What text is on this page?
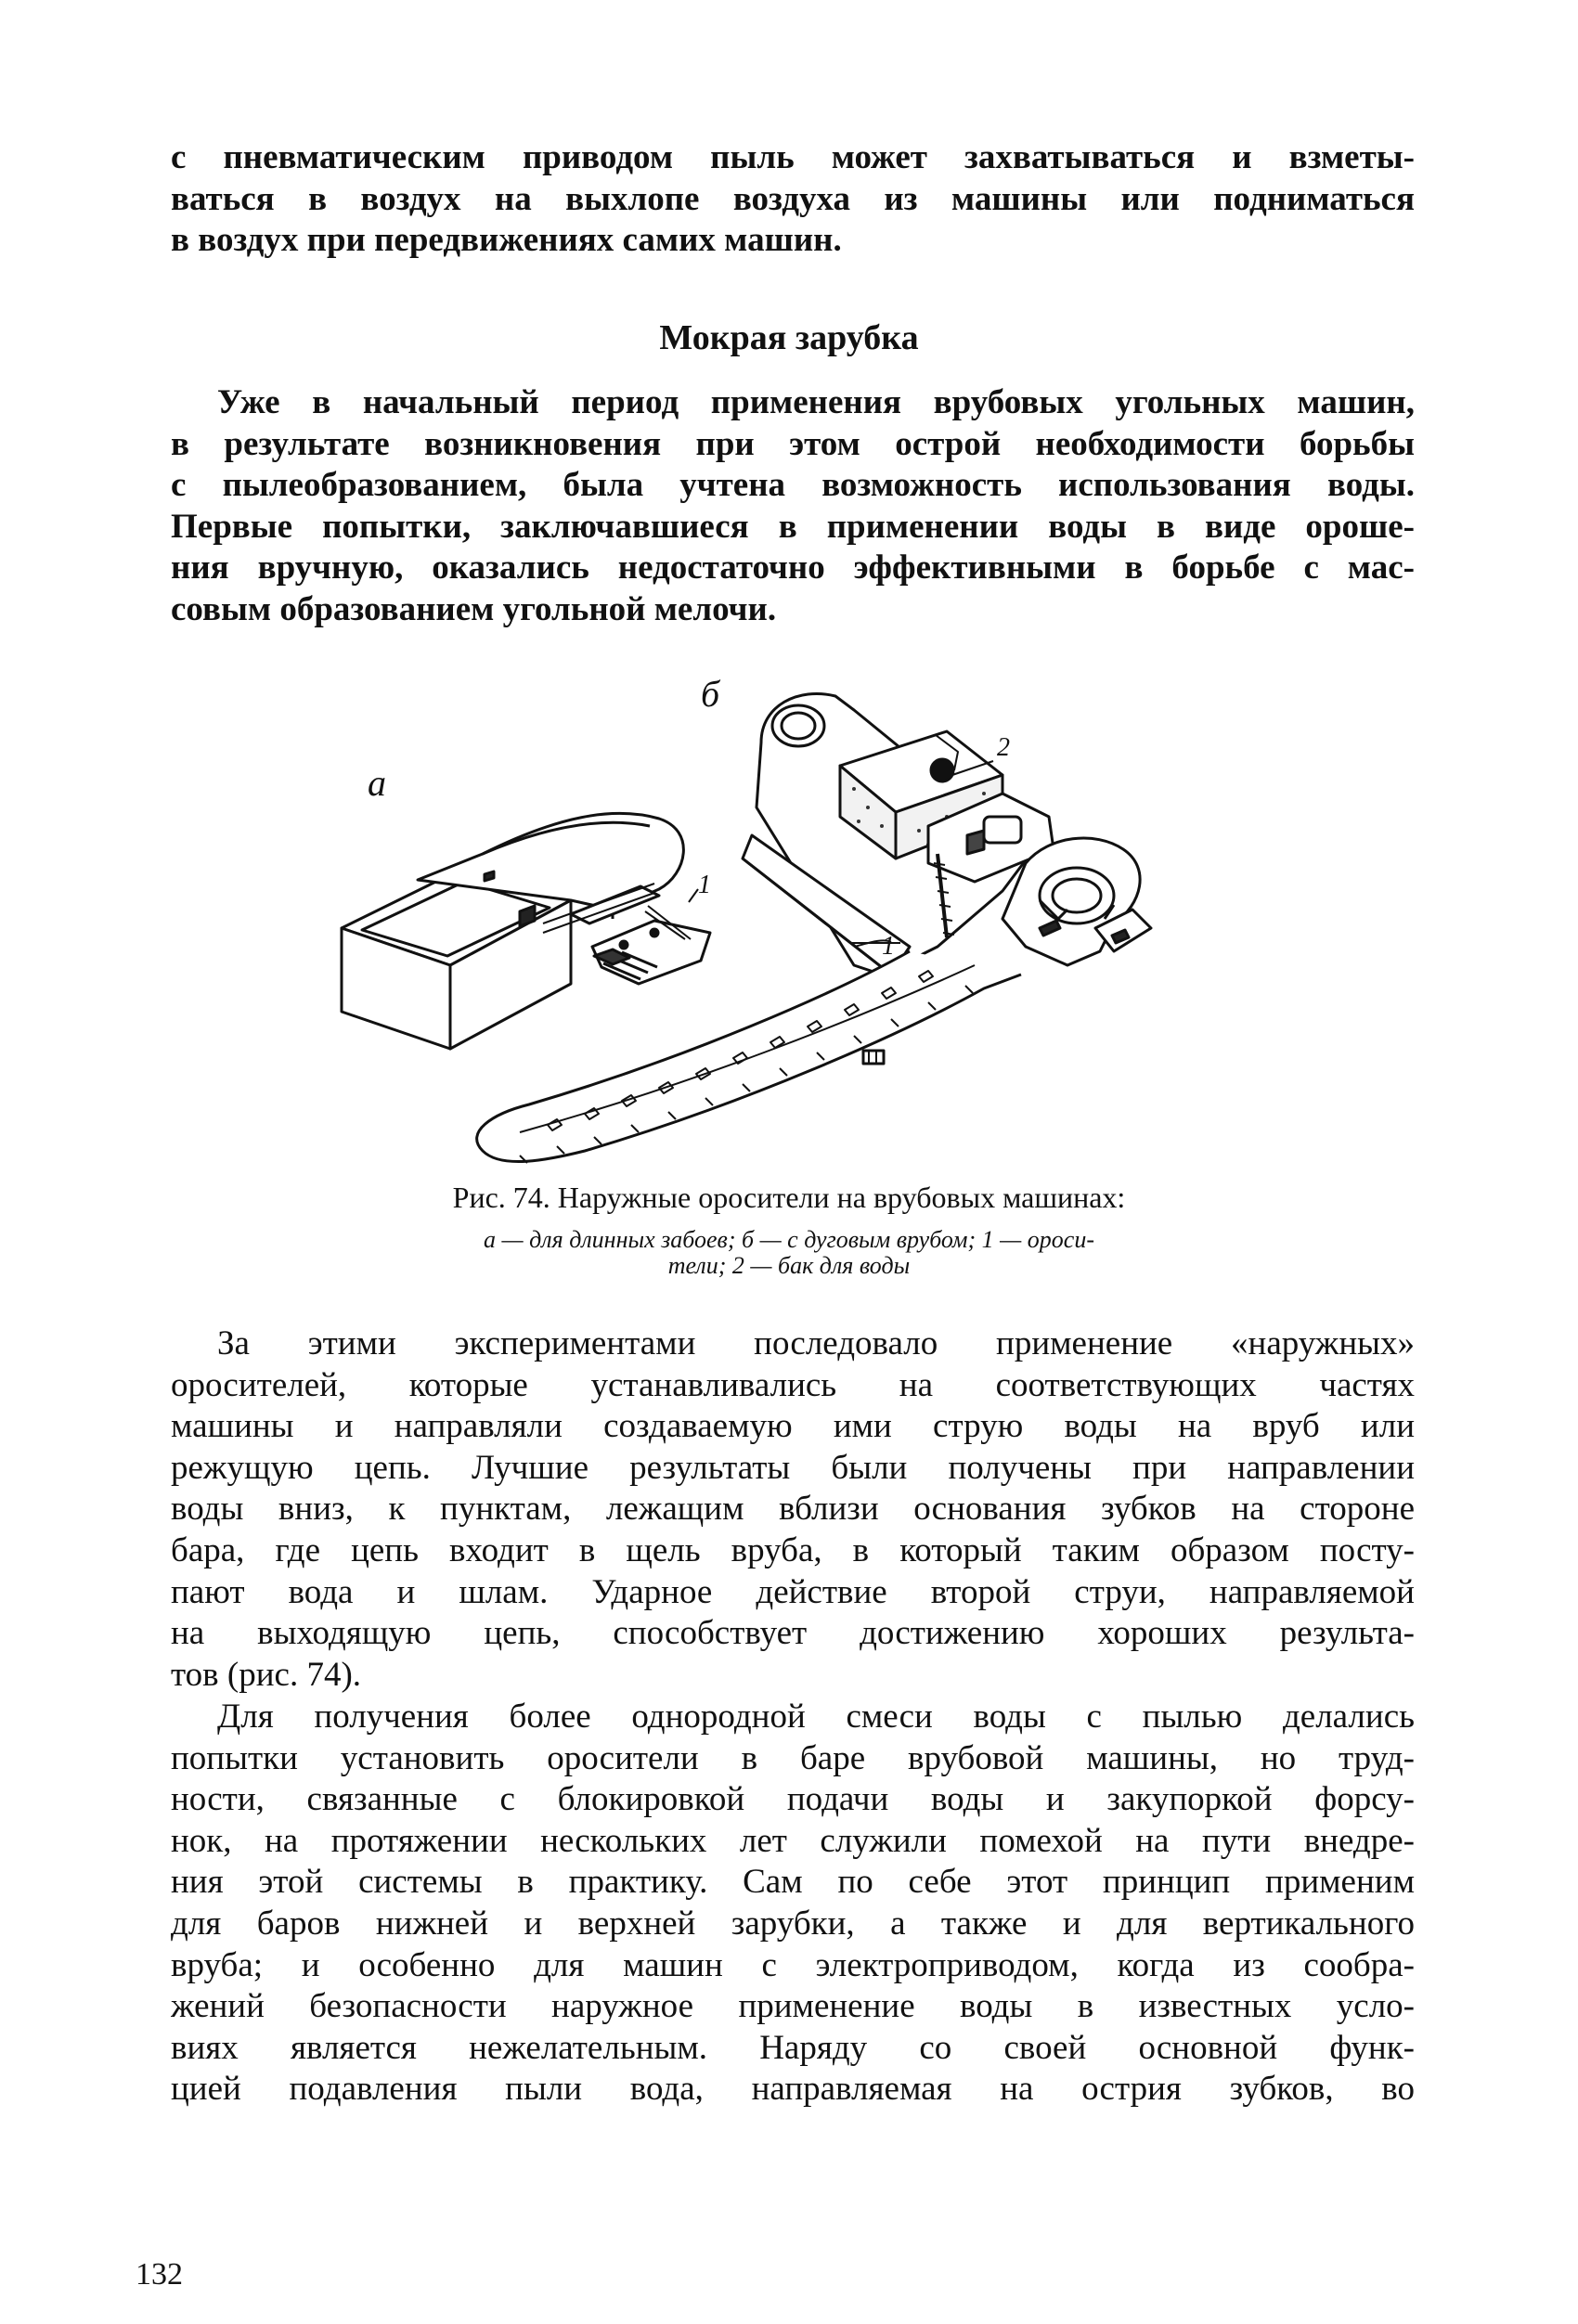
с пневматическим приводом пыль может захватываться и взметы-
ваться в воздух на выхлопе воздуха из машины или подниматься
в воздух при передвижениях самих машин.
Мокрая зарубка
Уже в начальный период применения врубовых угольных машин,
в результате возникновения при этом острой необходимости борьбы
с пылеобразованием, была учтена возможность использования воды.
Первые попытки, заключавшиеся в применении воды в виде ороше-
ния вручную, оказались недостаточно эффективными в борьбе с мас-
совым образованием угольной мелочи.
а
б
1
1
2
Рис. 74. Наружные оросители на врубовых машинах:
а — для длинных забоев; б — с дуговым врубом; 1 — ороси-
тели; 2 — бак для воды
За этими экспериментами последовало применение «наружных»
оросителей, которые устанавливались на соответствующих частях
машины и направляли создаваемую ими струю воды на вруб или
режущую цепь. Лучшие результаты были получены при направлении
воды вниз, к пунктам, лежащим вблизи основания зубков на стороне
бара, где цепь входит в щель вруба, в который таким образом посту-
пают вода и шлам. Ударное действие второй струи, направляемой
на выходящую цепь, способствует достижению хороших результа-
тов (рис. 74).
Для получения более однородной смеси воды с пылью делались
попытки установить оросители в баре врубовой машины, но труд-
ности, связанные с блокировкой подачи воды и закупоркой форсу-
нок, на протяжении нескольких лет служили помехой на пути внедре-
ния этой системы в практику. Сам по себе этот принцип применим
для баров нижней и верхней зарубки, а также и для вертикального
вруба; и особенно для машин с электроприводом, когда из сообра-
жений безопасности наружное применение воды в известных усло-
виях является нежелательным. Наряду со своей основной функ-
цией подавления пыли вода, направляемая на острия зубков, во
132
